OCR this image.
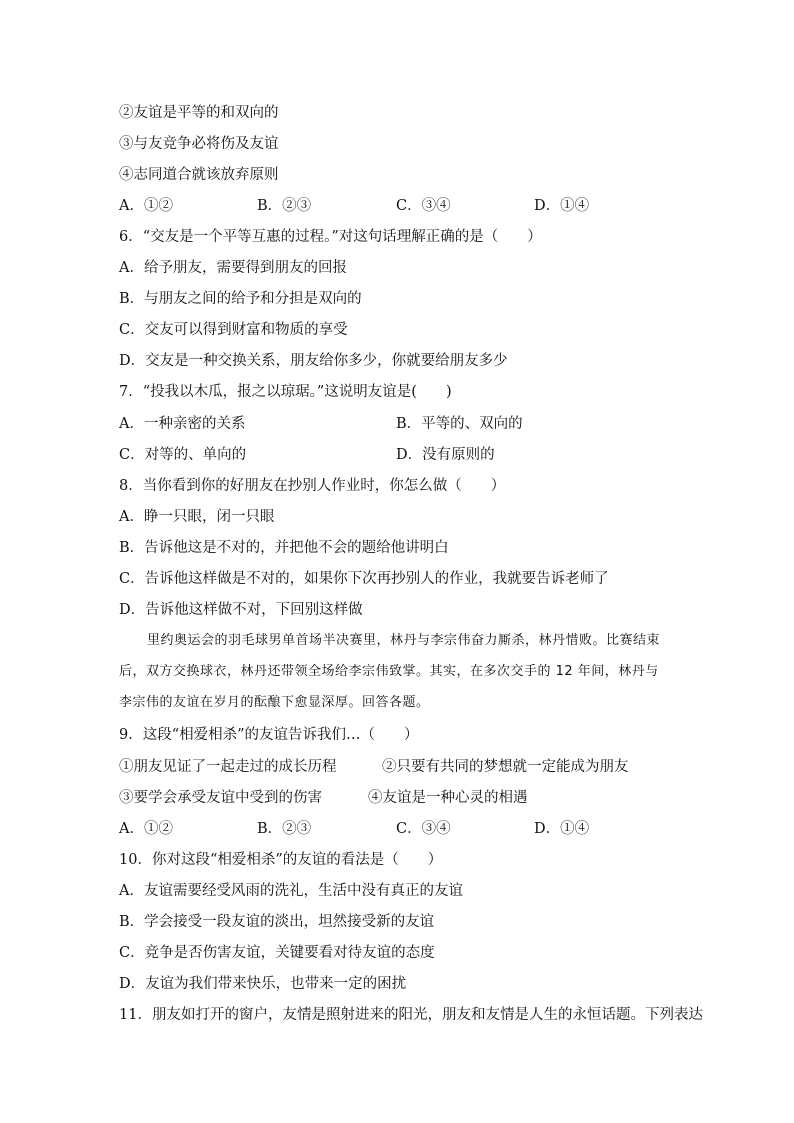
②友谊是平等的和双向的
③与友竞争必将伤及友谊
④志同道合就该放弃原则
A．①②	B．②③	C．③④	D．①④
6．“交友是一个平等互惠的过程。”对这句话理解正确的是（　　）
A．给予朋友，需要得到朋友的回报
B．与朋友之间的给予和分担是双向的
C．交友可以得到财富和物质的享受
D．交友是一种交换关系，朋友给你多少，你就要给朋友多少
7．“投我以木瓜，报之以琼琚。”这说明友谊是(　　)
A．一种亲密的关系	B．平等的、双向的
C．对等的、单向的	D．没有原则的
8．当你看到你的好朋友在抄别人作业时，你怎么做（　　）
A．睁一只眼，闭一只眼
B．告诉他这是不对的，并把他不会的题给他讲明白
C．告诉他这样做是不对的，如果你下次再抄别人的作业，我就要告诉老师了
D．告诉他这样做不对，下回别这样做
里约奥运会的羽毛球男单首场半决赛里，林丹与李宗伟奋力厮杀，林丹惜败。比赛结束
后，双方交换球衣，林丹还带领全场给李宗伟致掌。其实，在多次交手的 12 年间，林丹与
李宗伟的友谊在岁月的酝酿下愈显深厚。回答各题。
9．这段“相爱相杀”的友谊告诉我们…（　　）
①朋友见证了一起走过的成长历程	②只要有共同的梦想就一定能成为朋友
③要学会承受友谊中受到的伤害	④友谊是一种心灵的相遇
A．①②	B．②③	C．③④	D．①④
10．你对这段“相爱相杀”的友谊的看法是（　　）
A．友谊需要经受风雨的洗礼，生活中没有真正的友谊
B．学会接受一段友谊的淡出，坦然接受新的友谊
C．竞争是否伤害友谊，关键要看对待友谊的态度
D．友谊为我们带来快乐，也带来一定的困扰
11．朋友如打开的窗户，友情是照射进来的阳光，朋友和友情是人生的永恒话题。下列表达
